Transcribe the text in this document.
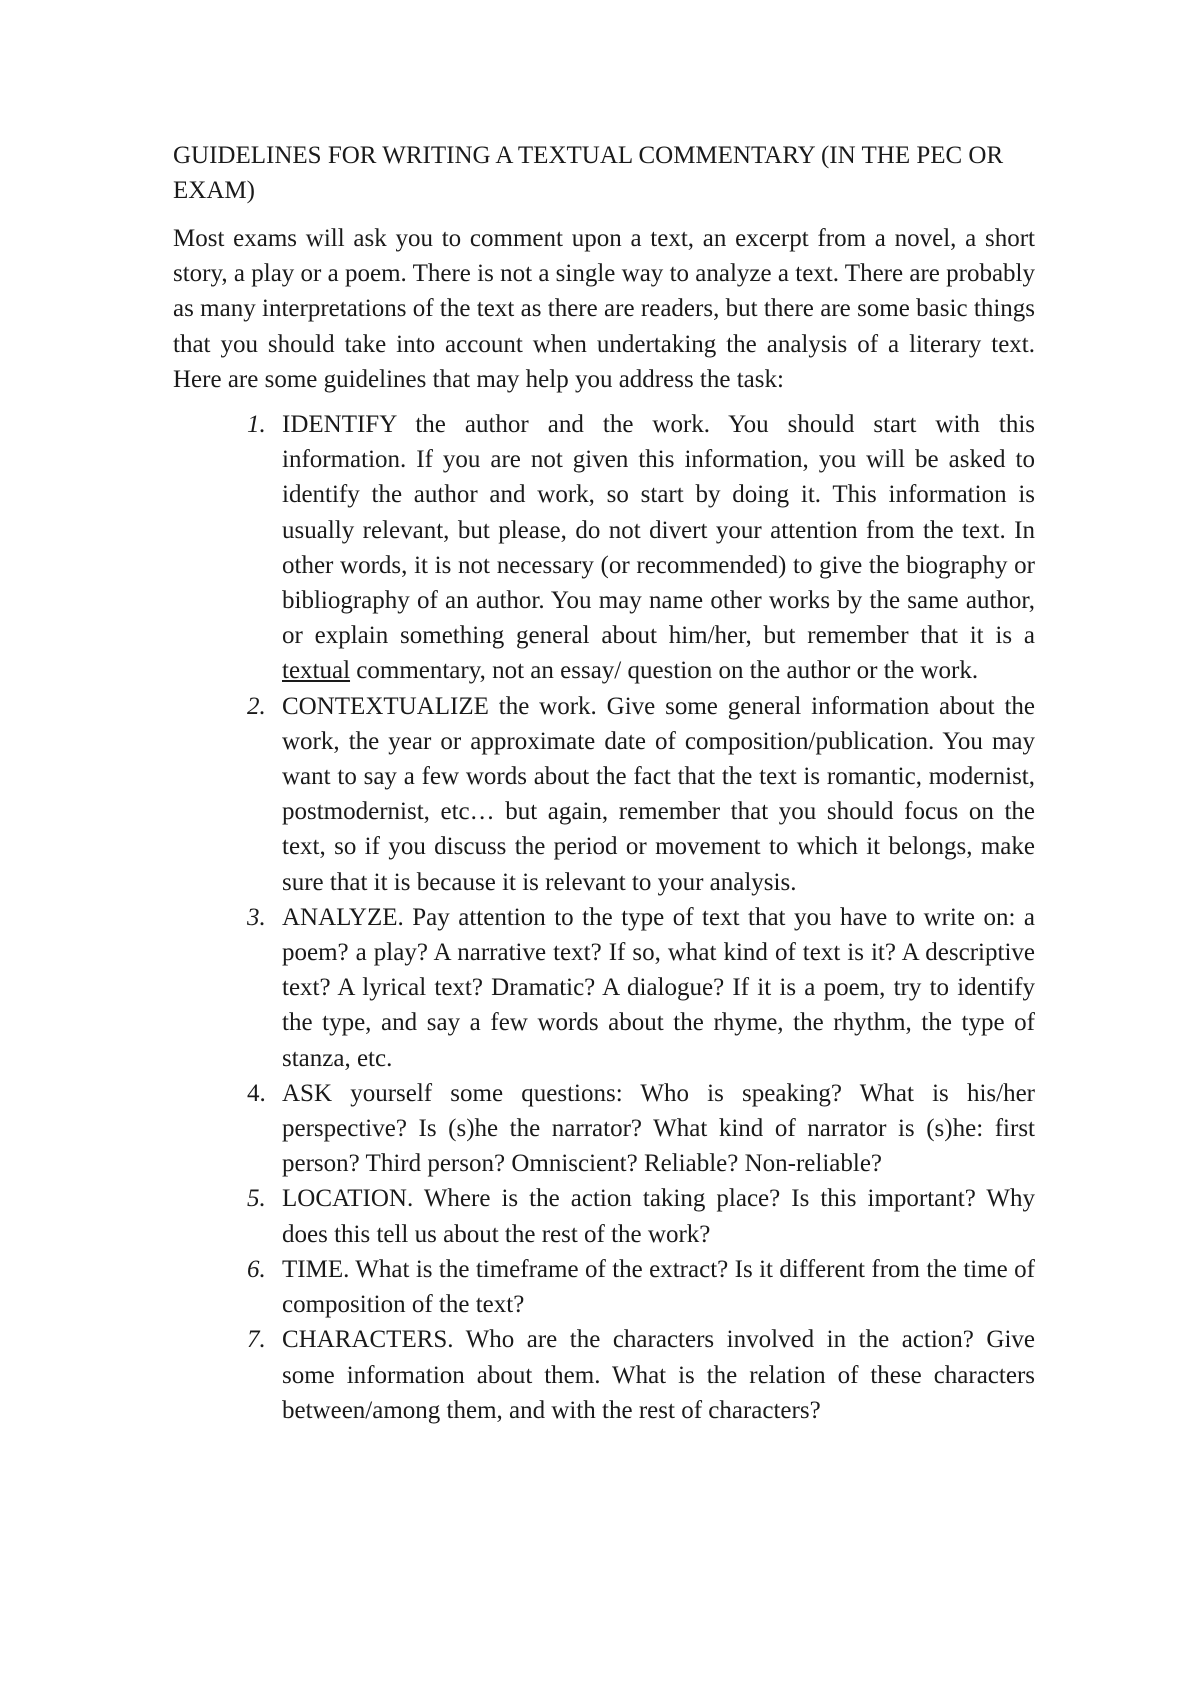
GUIDELINES FOR WRITING A TEXTUAL COMMENTARY (IN THE PEC OR EXAM)

Most exams will ask you to comment upon a text, an excerpt from a novel, a short story, a play or a poem. There is not a single way to analyze a text. There are probably as many interpretations of the text as there are readers, but there are some basic things that you should take into account when undertaking the analysis of a literary text. Here are some guidelines that may help you address the task:

1. IDENTIFY the author and the work. You should start with this information. If you are not given this information, you will be asked to identify the author and work, so start by doing it. This information is usually relevant, but please, do not divert your attention from the text. In other words, it is not necessary (or recommended) to give the biography or bibliography of an author. You may name other works by the same author, or explain something general about him/her, but remember that it is a textual commentary, not an essay/ question on the author or the work.
2. CONTEXTUALIZE the work. Give some general information about the work, the year or approximate date of composition/publication. You may want to say a few words about the fact that the text is romantic, modernist, postmodernist, etc… but again, remember that you should focus on the text, so if you discuss the period or movement to which it belongs, make sure that it is because it is relevant to your analysis.
3. ANALYZE. Pay attention to the type of text that you have to write on: a poem? a play? A narrative text? If so, what kind of text is it? A descriptive text? A lyrical text? Dramatic? A dialogue? If it is a poem, try to identify the type, and say a few words about the rhyme, the rhythm, the type of stanza, etc.
4. ASK yourself some questions: Who is speaking? What is his/her perspective? Is (s)he the narrator? What kind of narrator is (s)he: first person? Third person? Omniscient? Reliable? Non-reliable?
5. LOCATION. Where is the action taking place? Is this important? Why does this tell us about the rest of the work?
6. TIME. What is the timeframe of the extract? Is it different from the time of composition of the text?
7. CHARACTERS. Who are the characters involved in the action? Give some information about them. What is the relation of these characters between/among them, and with the rest of characters?
